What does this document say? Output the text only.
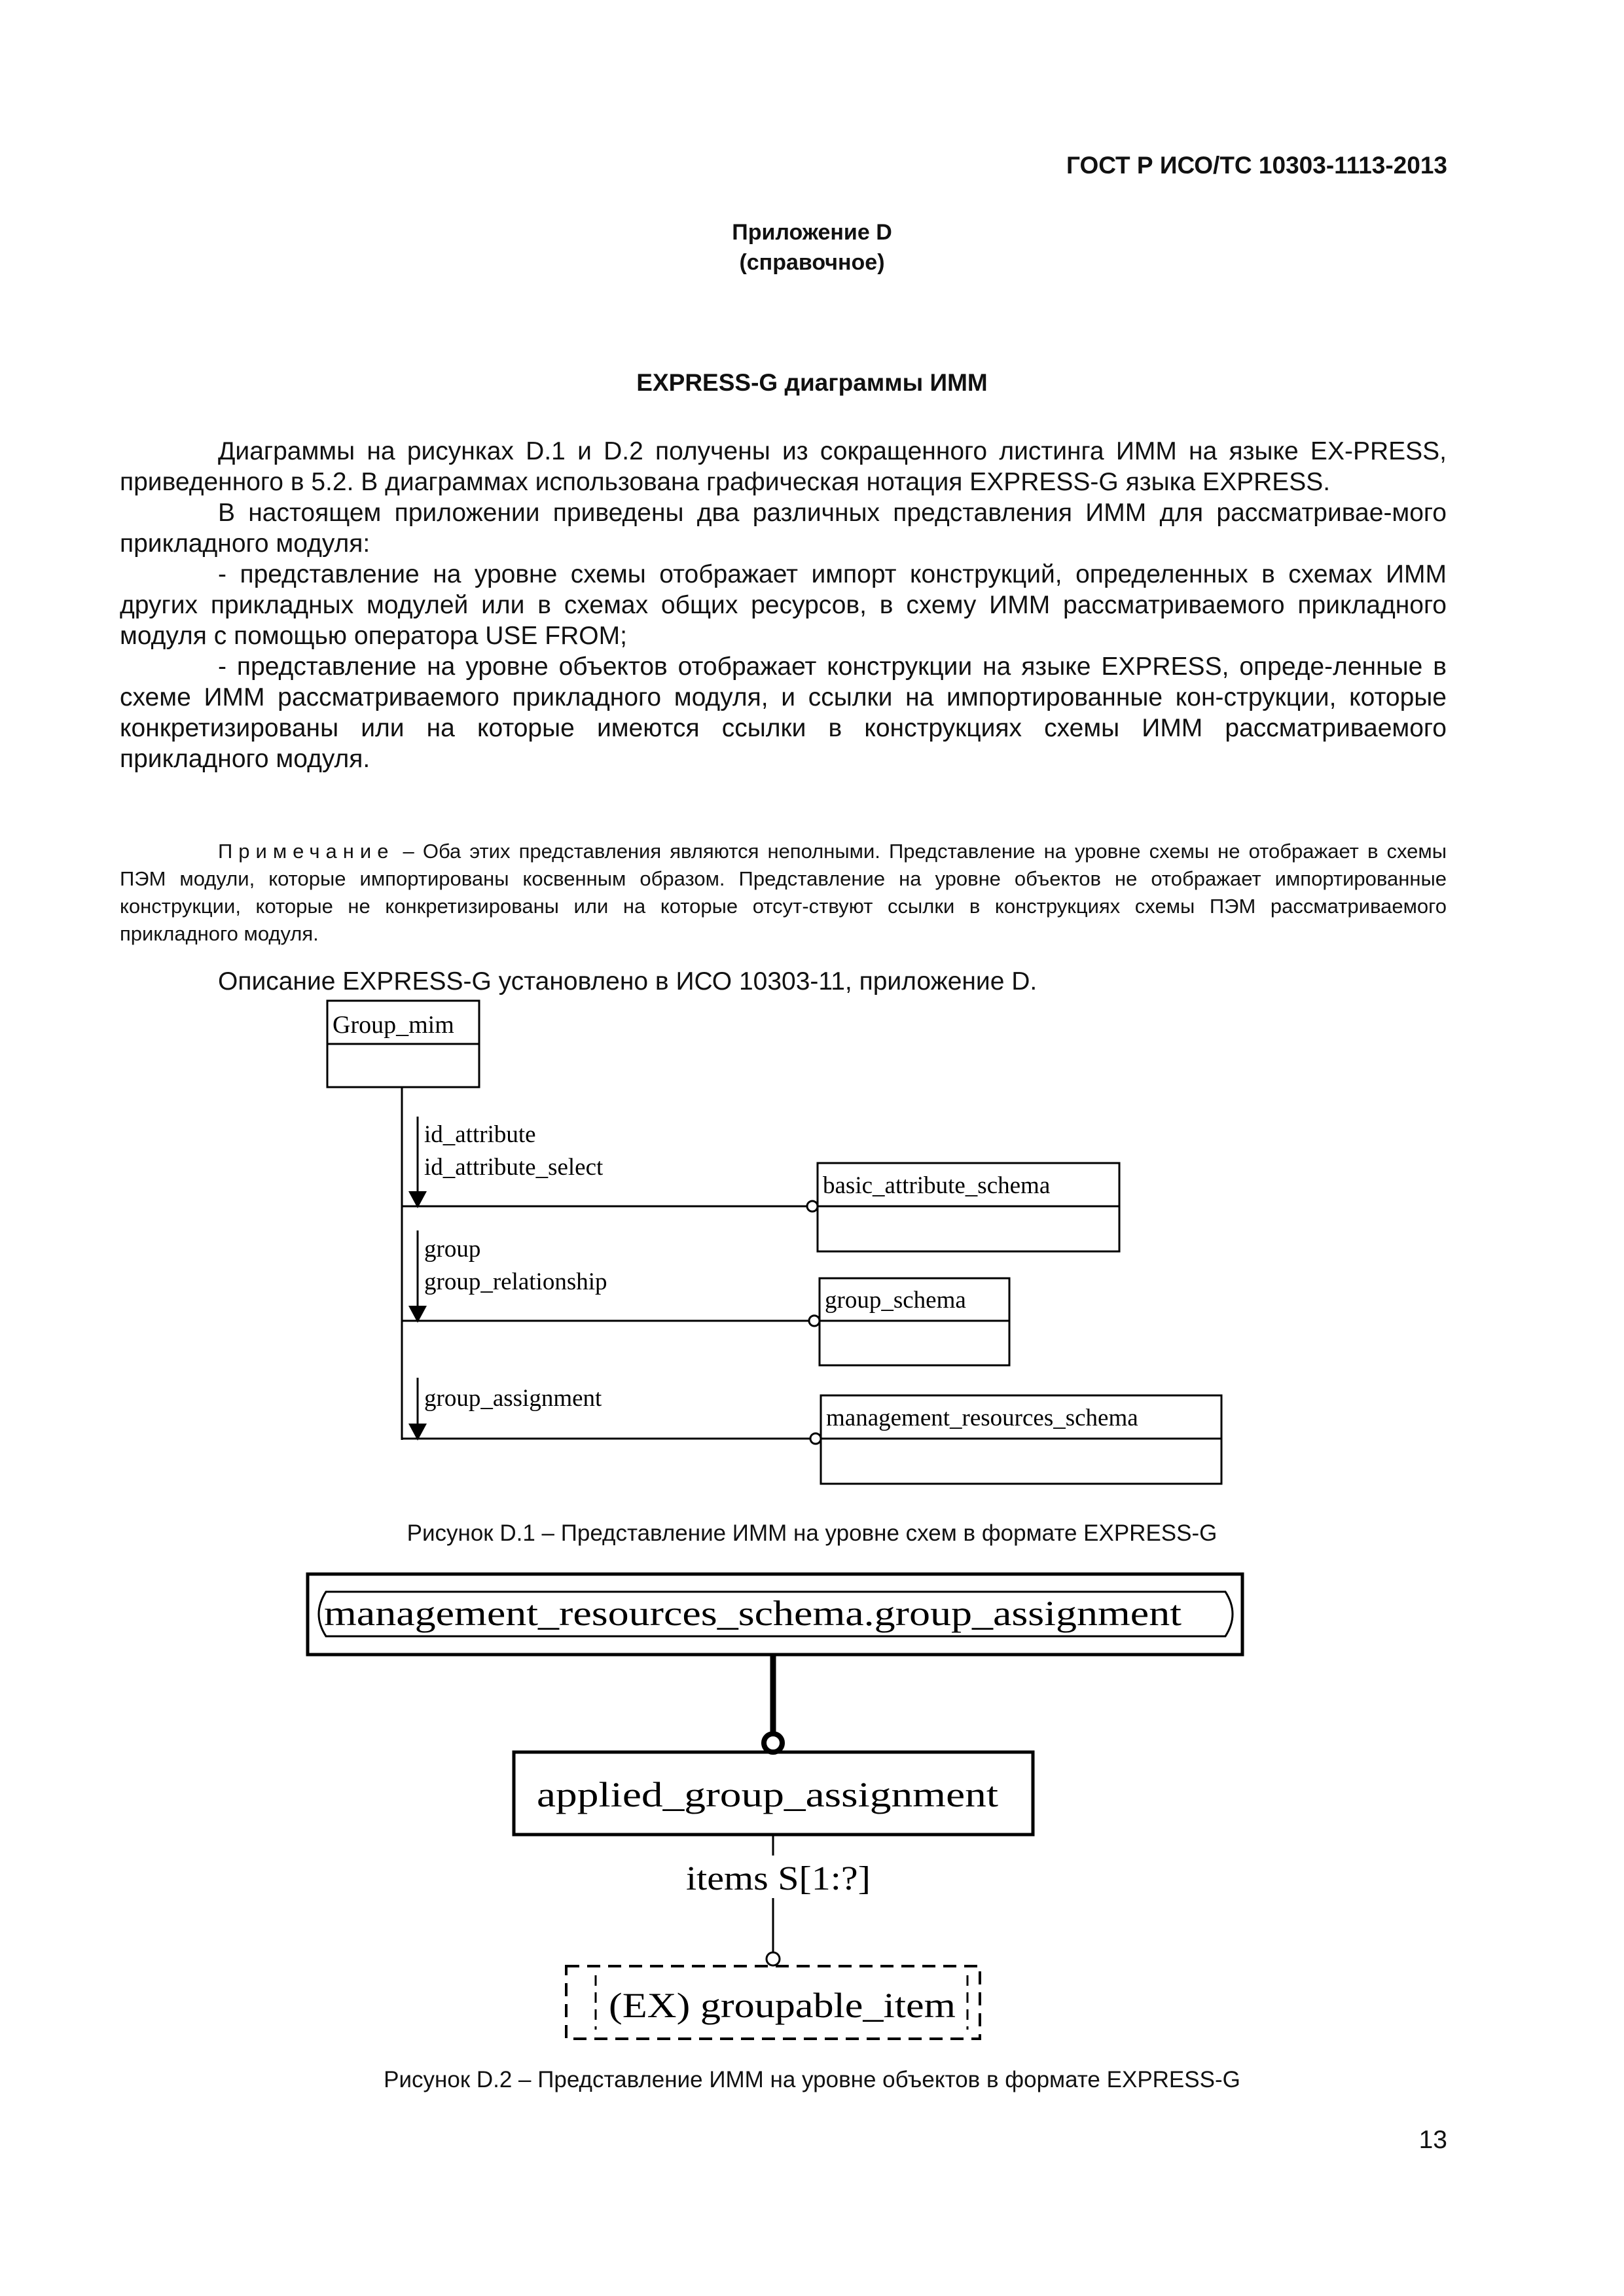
ГОСТ Р ИСО/ТС 10303-1113-2013
Приложение D
(справочное)
EXPRESS-G диаграммы ИММ

Диаграммы на рисунках D.1 и D.2 получены из сокращенного листинга ИММ на языке EX-PRESS, приведенного в 5.2. В диаграммах использована графическая нотация EXPRESS-G языка EXPRESS.

В настоящем приложении приведены два различных представления ИММ для рассматривае-мого прикладного модуля:

- представление на уровне схемы отображает импорт конструкций, определенных в схемах ИММ других прикладных модулей или в схемах общих ресурсов, в схему ИММ рассматриваемого прикладного модуля с помощью оператора USE FROM;

- представление на уровне объектов отображает конструкции на языке EXPRESS, опреде-ленные в схеме ИММ рассматриваемого прикладного модуля, и ссылки на импортированные кон-струкции, которые конкретизированы или на которые имеются ссылки в конструкциях схемы ИММ рассматриваемого прикладного модуля.

Примечание – Оба этих представления являются неполными. Представление на уровне схемы не отображает в схемы ПЭМ модули, которые импортированы косвенным образом. Представление на уровне объектов не отображает импортированные конструкции, которые не конкретизированы или на которые отсут-ствуют ссылки в конструкциях схемы ПЭМ рассматриваемого прикладного модуля.

Описание EXPRESS-G установлено в ИСО 10303-11, приложение D.
Group_mim
id_attribute
id_attribute_select
basic_attribute_schema
group
group_relationship
group_schema
group_assignment
management_resources_schema
Рисунок D.1 – Представление ИММ на уровне схем в формате EXPRESS-G
management_resources_schema.group_assignment
applied_group_assignment
items S[1:?]
(EX) groupable_item
Рисунок D.2 – Представление ИММ на уровне объектов в формате EXPRESS-G
13
